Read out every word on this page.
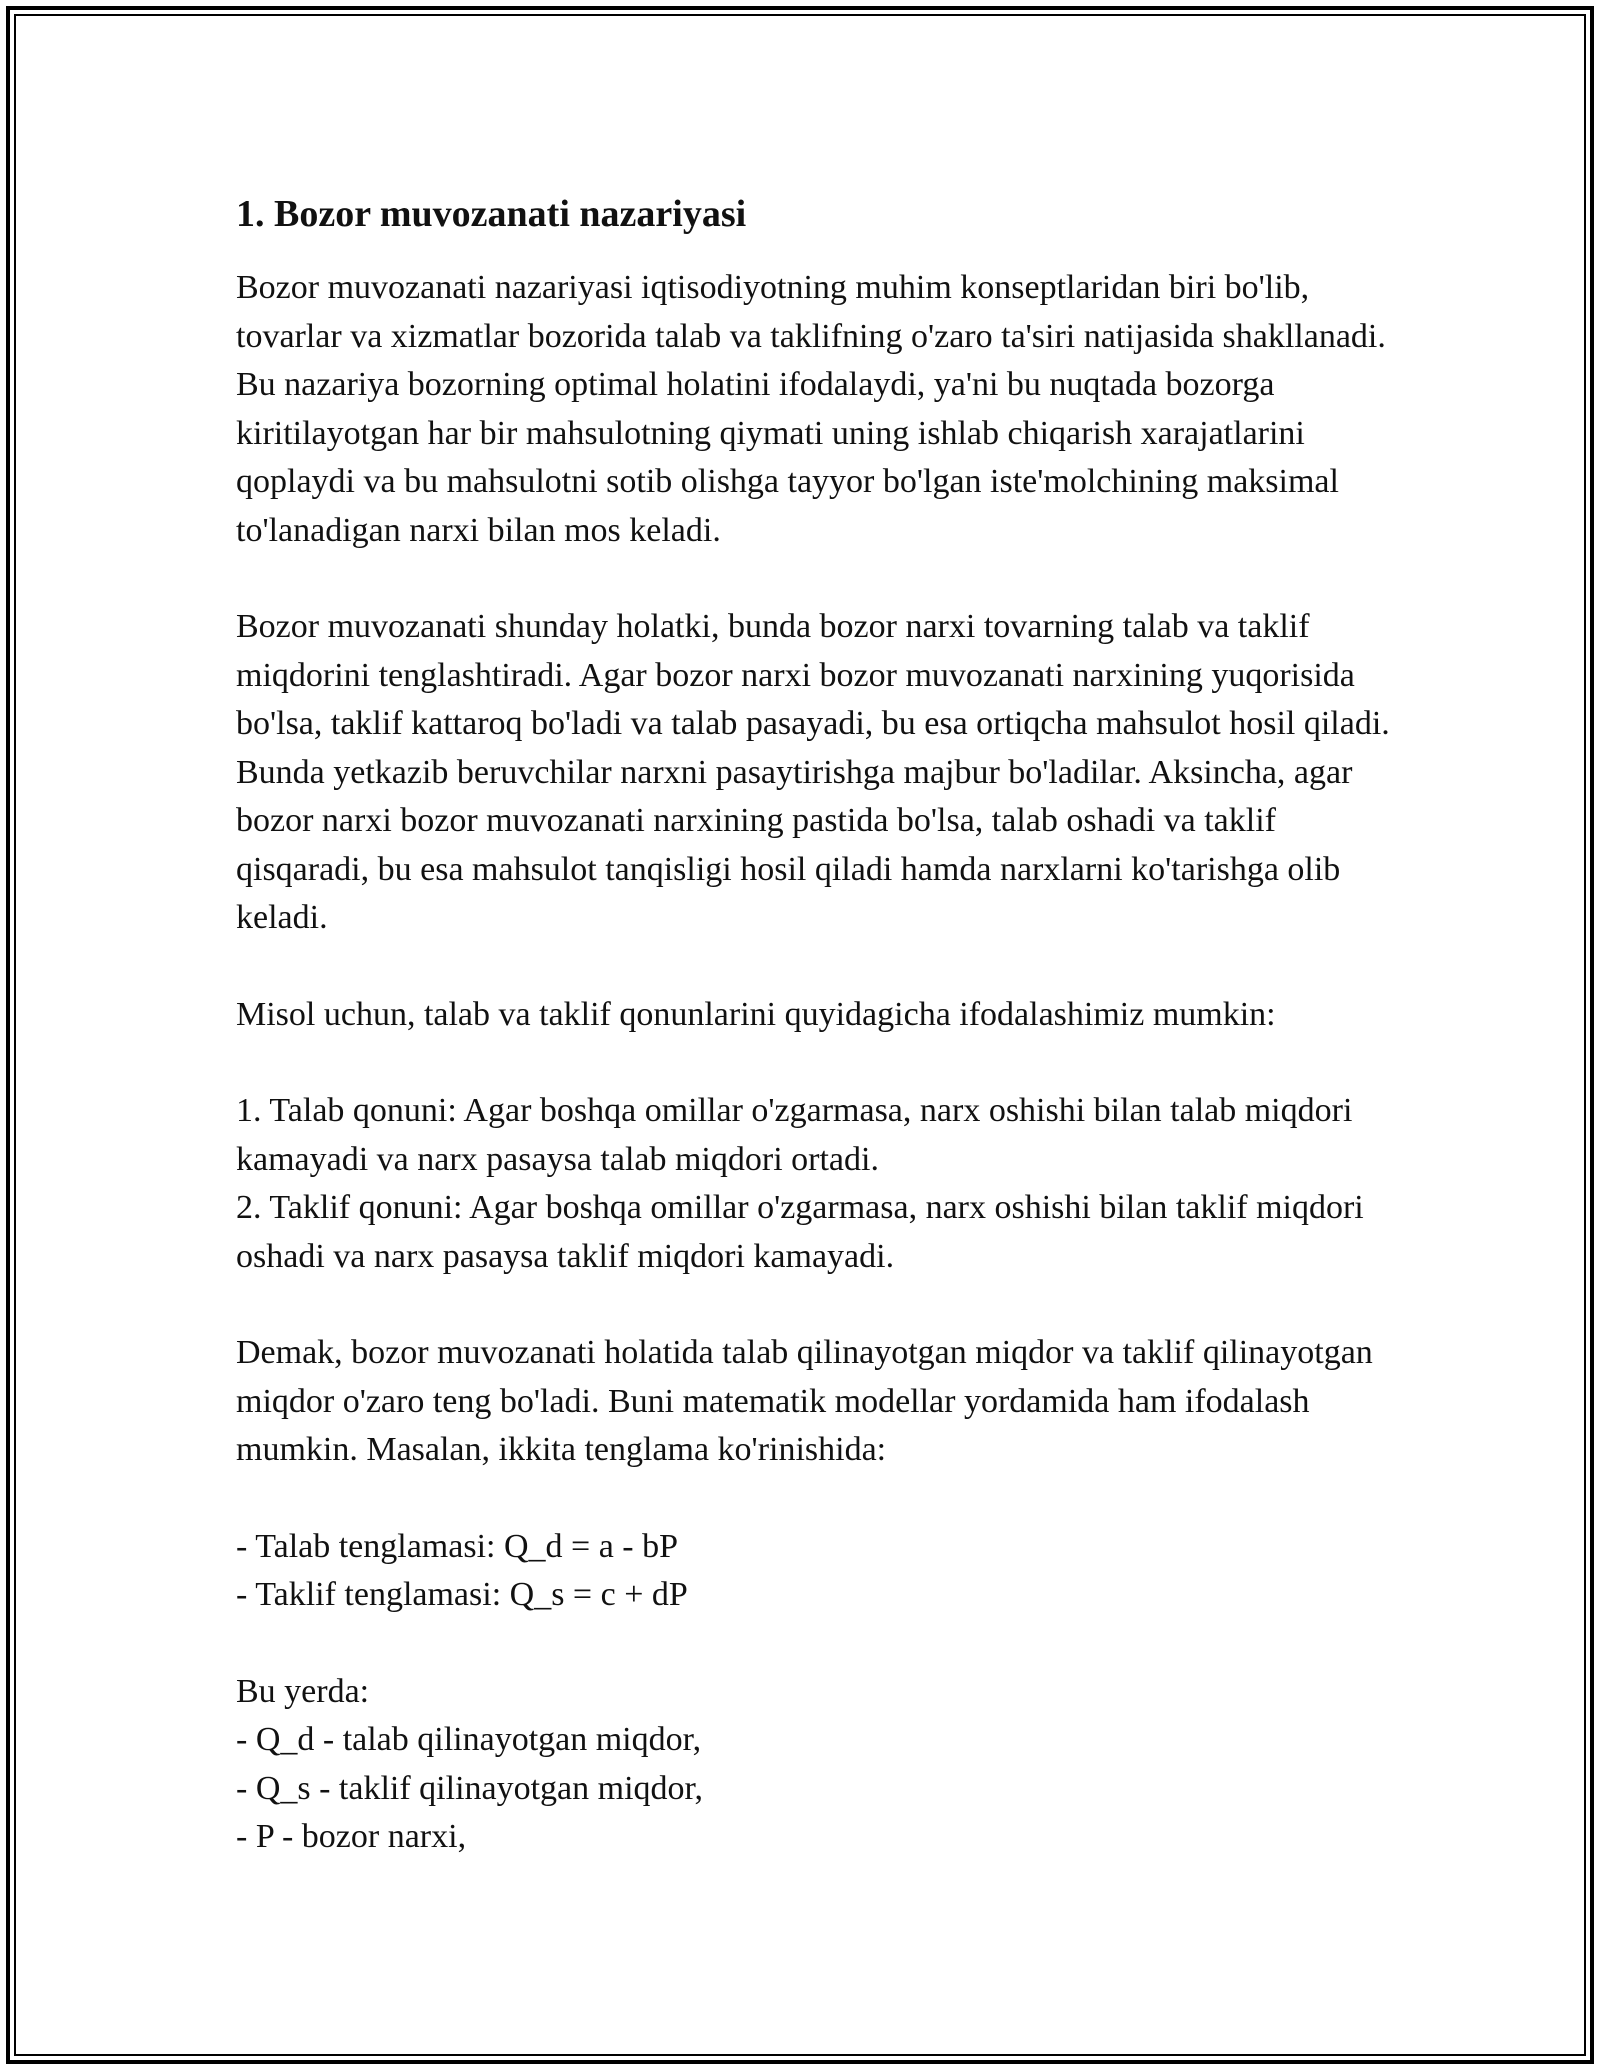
1. Bozor muvozanati nazariyasi

Bozor muvozanati nazariyasi iqtisodiyotning muhim konseptlaridan biri bo'lib, tovarlar va xizmatlar bozorida talab va taklifning o'zaro ta'siri natijasida shakllanadi. Bu nazariya bozorning optimal holatini ifodalaydi, ya'ni bu nuqtada bozorga kiritilayotgan har bir mahsulotning qiymati uning ishlab chiqarish xarajatlarini qoplaydi va bu mahsulotni sotib olishga tayyor bo'lgan iste'molchining maksimal to'lanadigan narxi bilan mos keladi.

Bozor muvozanati shunday holatki, bunda bozor narxi tovarning talab va taklif miqdorini tenglashtiradi. Agar bozor narxi bozor muvozanati narxining yuqorisida bo'lsa, taklif kattaroq bo'ladi va talab pasayadi, bu esa ortiqcha mahsulot hosil qiladi. Bunda yetkazib beruvchilar narxni pasaytirishga majbur bo'ladilar. Aksincha, agar bozor narxi bozor muvozanati narxining pastida bo'lsa, talab oshadi va taklif qisqaradi, bu esa mahsulot tanqisligi hosil qiladi hamda narxlarni ko'tarishga olib keladi.

Misol uchun, talab va taklif qonunlarini quyidagicha ifodalashimiz mumkin:

1. Talab qonuni: Agar boshqa omillar o'zgarmasa, narx oshishi bilan talab miqdori kamayadi va narx pasaysa talab miqdori ortadi.
2. Taklif qonuni: Agar boshqa omillar o'zgarmasa, narx oshishi bilan taklif miqdori oshadi va narx pasaysa taklif miqdori kamayadi.

Demak, bozor muvozanati holatida talab qilinayotgan miqdor va taklif qilinayotgan miqdor o'zaro teng bo'ladi. Buni matematik modellar yordamida ham ifodalash mumkin. Masalan, ikkita tenglama ko'rinishida:

- Talab tenglamasi: Q_d = a - bP
- Taklif tenglamasi: Q_s = c + dP
Bu yerda:
- Q_d - talab qilinayotgan miqdor,
- Q_s - taklif qilinayotgan miqdor,
- P - bozor narxi,
